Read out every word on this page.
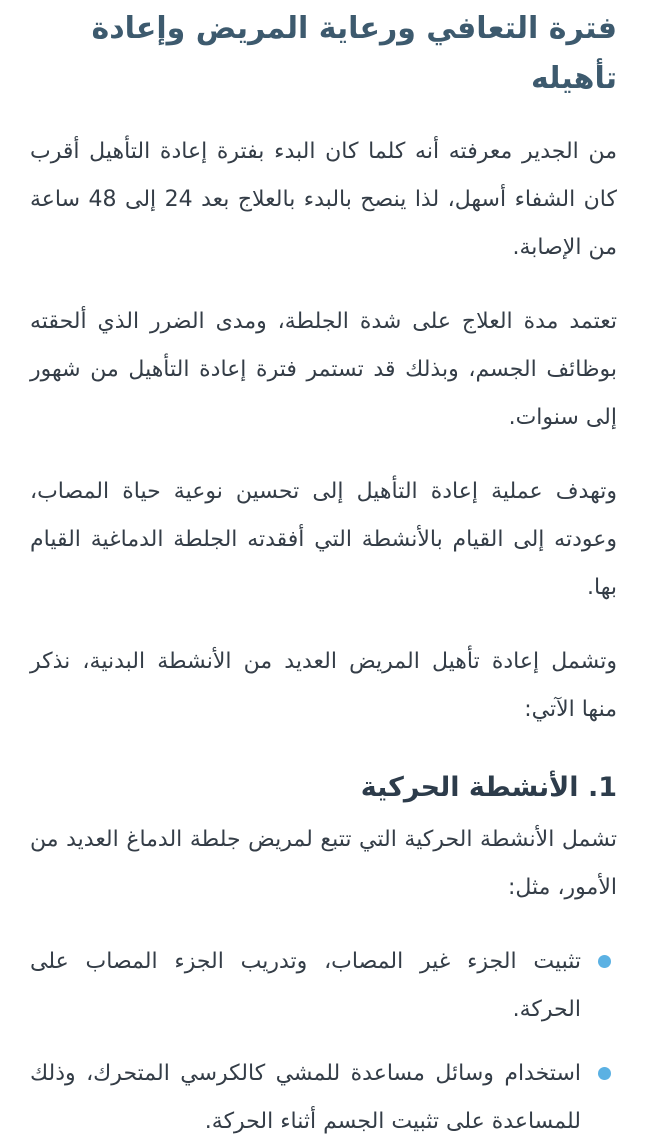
فترة التعافي ورعاية المريض وإعادة تأهيله

من الجدير معرفته أنه كلما كان البدء بفترة إعادة التأهيل أقرب كان الشفاء أسهل، لذا ينصح بالبدء بالعلاج بعد 24 إلى 48 ساعة من الإصابة.

تعتمد مدة العلاج على شدة الجلطة، ومدى الضرر الذي ألحقته بوظائف الجسم، وبذلك قد تستمر فترة إعادة التأهيل من شهور إلى سنوات.

وتهدف عملية إعادة التأهيل إلى تحسين نوعية حياة المصاب، وعودته إلى القيام بالأنشطة التي أفقدته الجلطة الدماغية القيام بها.

وتشمل إعادة تأهيل المريض العديد من الأنشطة البدنية، نذكر منها الآتي:

1. الأنشطة الحركية

تشمل الأنشطة الحركية التي تتبع لمريض جلطة الدماغ العديد من الأمور، مثل:

تثبيت الجزء غير المصاب، وتدريب الجزء المصاب على الحركة.
استخدام وسائل مساعدة للمشي كالكرسي المتحرك، وذلك للمساعدة على تثبيت الجسم أثناء الحركة.
